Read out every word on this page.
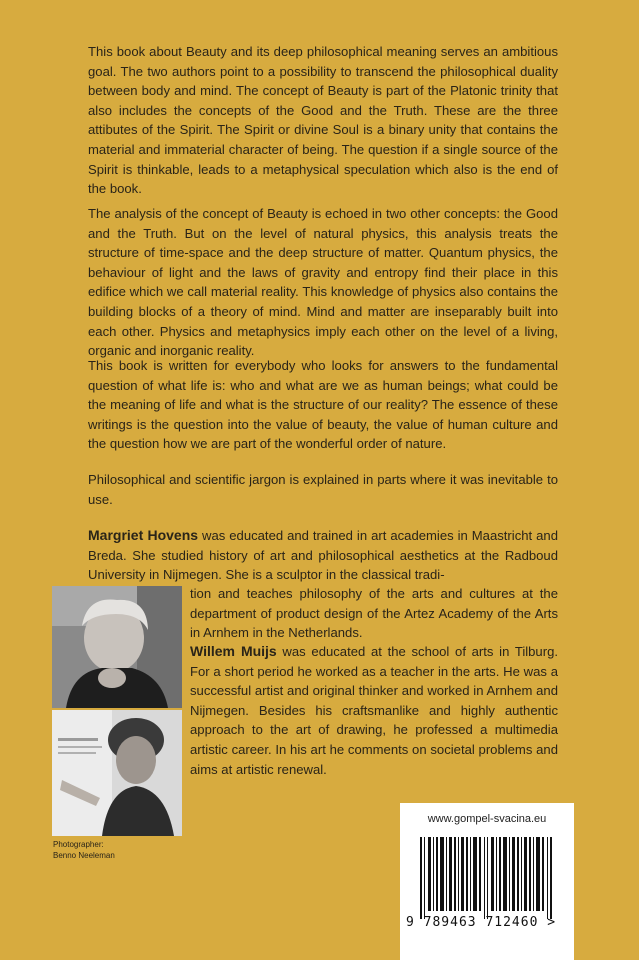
This book about Beauty and its deep philosophical meaning serves an ambitious goal. The two authors point to a possibility to transcend the philosophical duality between body and mind. The concept of Beauty is part of the Platonic trinity that also includes the concepts of the Good and the Truth. These are the three attibutes of the Spirit. The Spirit or divine Soul is a binary unity that contains the material and immaterial character of being. The question if a single source of the Spirit is thinkable, leads to a metaphysical speculation which also is the end of the book.

The analysis of the concept of Beauty is echoed in two other concepts: the Good and the Truth. But on the level of natural physics, this analysis treats the structure of time-space and the deep structure of matter. Quantum physics, the behaviour of light and the laws of gravity and entropy find their place in this edifice which we call material reality. This knowledge of physics also contains the building blocks of a theory of mind. Mind and matter are inseparably built into each other. Physics and metaphysics imply each other on the level of a living, organic and inorganic reality.

This book is written for everybody who looks for answers to the fundamental question of what life is: who and what are we as human beings; what could be the meaning of life and what is the structure of our reality? The essence of these writings is the question into the value of beauty, the value of human culture and the question how we are part of the wonderful order of nature.

Philosophical and scientific jargon is explained in parts where it was inevitable to use.

Margriet Hovens was educated and trained in art academies in Maastricht and Breda. She studied history of art and philosophical aesthetics at the Radboud University in Nijmegen. She is a sculptor in the classical tradi-

tion and teaches philosophy of the arts and cultures at the department of product design of the Artez Academy of the Arts in Arnhem in the Netherlands.

Willem Muijs was educated at the school of arts in Tilburg. For a short period he worked as a teacher in the arts. He was a successful artist and original thinker and worked in Arnhem and Nijmegen. Besides his craftsmanlike and highly authentic approach to the art of drawing, he professed a multimedia artistic career. In his art he comments on societal problems and aims at artistic renewal.

Photographer:
Benno Neeleman
www.gompel-svacina.eu
9 789463 712460 >
